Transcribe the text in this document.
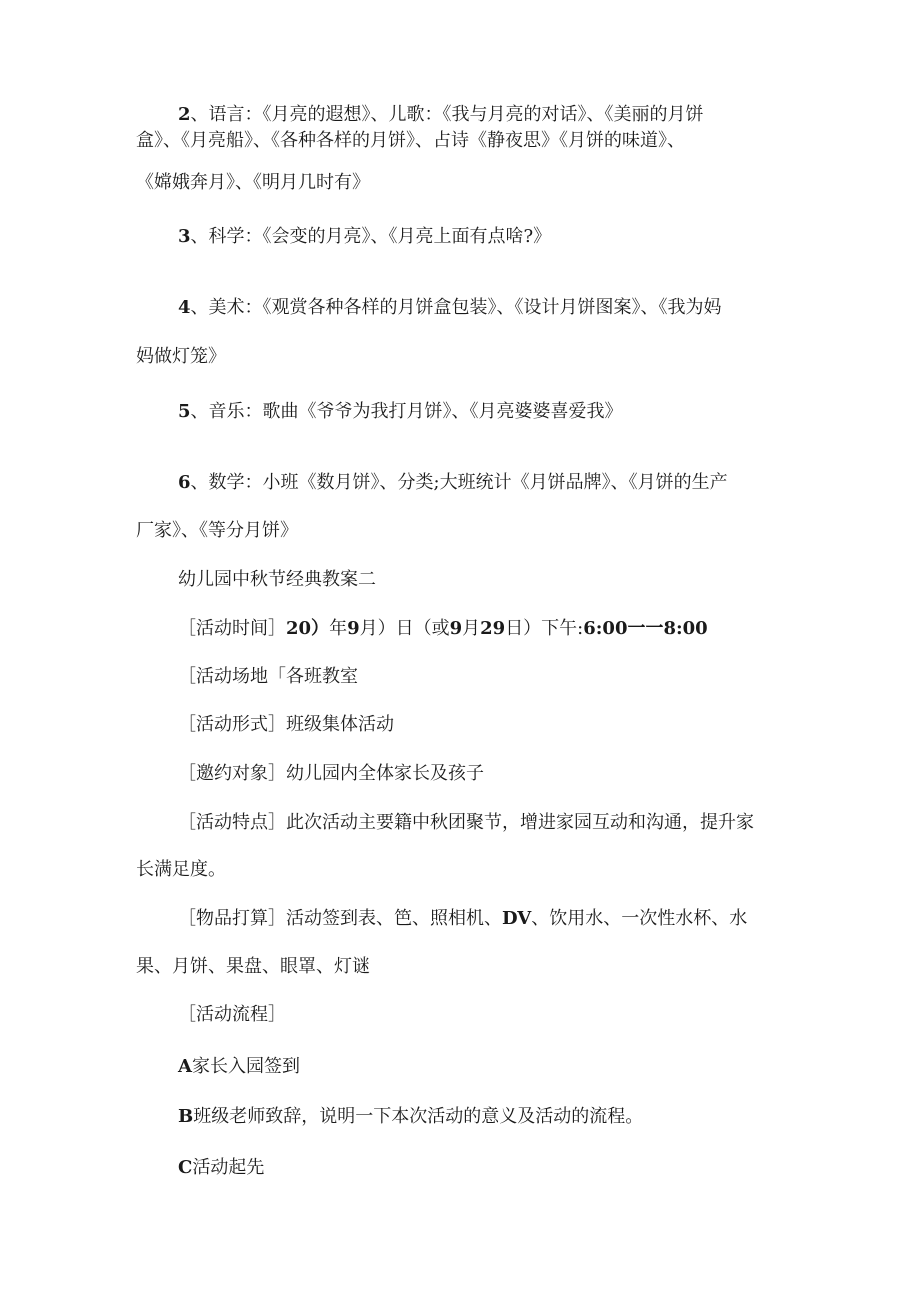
2、语言：《月亮的遐想》、儿歌：《我与月亮的对话》、《美丽的月饼

盒》、《月亮船》、《各种各样的月饼》、占诗《静夜思》《月饼的味道》、

《嫦娥奔月》、《明月几时有》

3、科学：《会变的月亮》、《月亮上面有点啥?》

4、美术：《观赏各种各样的月饼盒包装》、《设计月饼图案》、《我为妈

妈做灯笼》

5、音乐：歌曲《爷爷为我打月饼》、《月亮婆婆喜爱我》

6、数学：小班《数月饼》、分类;大班统计《月饼品牌》、《月饼的生产

厂家》、《等分月饼》

幼儿园中秋节经典教案二

［活动时间］20）年9月）日（或9月29日）下午:6:00一一8:00

［活动场地「各班教室

［活动形式］班级集体活动

［邀约对象］幼儿园内全体家长及孩子

［活动特点］此次活动主要籍中秋团聚节，增进家园互动和沟通，提升家

长满足度。

［物品打算］活动签到表、笆、照相机、DV、饮用水、一次性水杯、水

果、月饼、果盘、眼罩、灯谜

［活动流程］

A家长入园签到

B班级老师致辞，说明一下本次活动的意义及活动的流程。

C活动起先
